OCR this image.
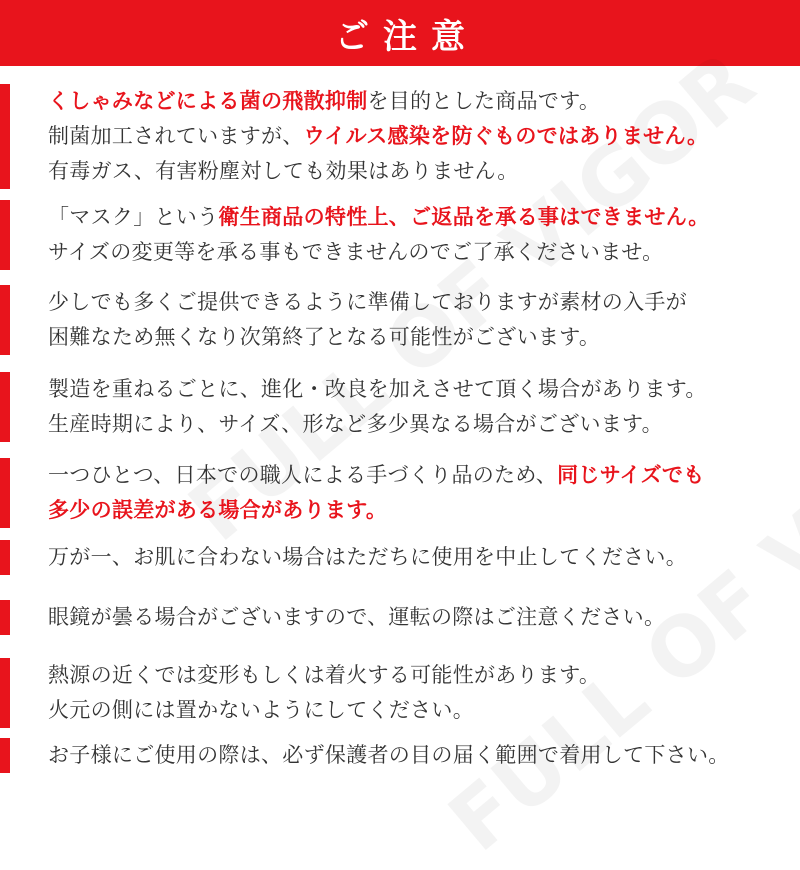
ご注意
くしゃみなどによる菌の飛散抑制を目的とした商品です。
制菌加工されていますが、ウイルス感染を防ぐものではありません。
有毒ガス、有害粉塵対しても効果はありません。
「マスク」という衛生商品の特性上、ご返品を承る事はできません。
サイズの変更等を承る事もできませんのでご了承くださいませ。
少しでも多くご提供できるように準備しておりますが素材の入手が
困難なため無くなり次第終了となる可能性がございます。
製造を重ねるごとに、進化・改良を加えさせて頂く場合があります。
生産時期により、サイズ、形など多少異なる場合がございます。
一つひとつ、日本での職人による手づくり品のため、同じサイズでも
多少の誤差がある場合があります。
万が一、お肌に合わない場合はただちに使用を中止してください。
眼鏡が曇る場合がございますので、運転の際はご注意ください。
熱源の近くでは変形もしくは着火する可能性があります。
火元の側には置かないようにしてください。
お子様にご使用の際は、必ず保護者の目の届く範囲で着用して下さい。
